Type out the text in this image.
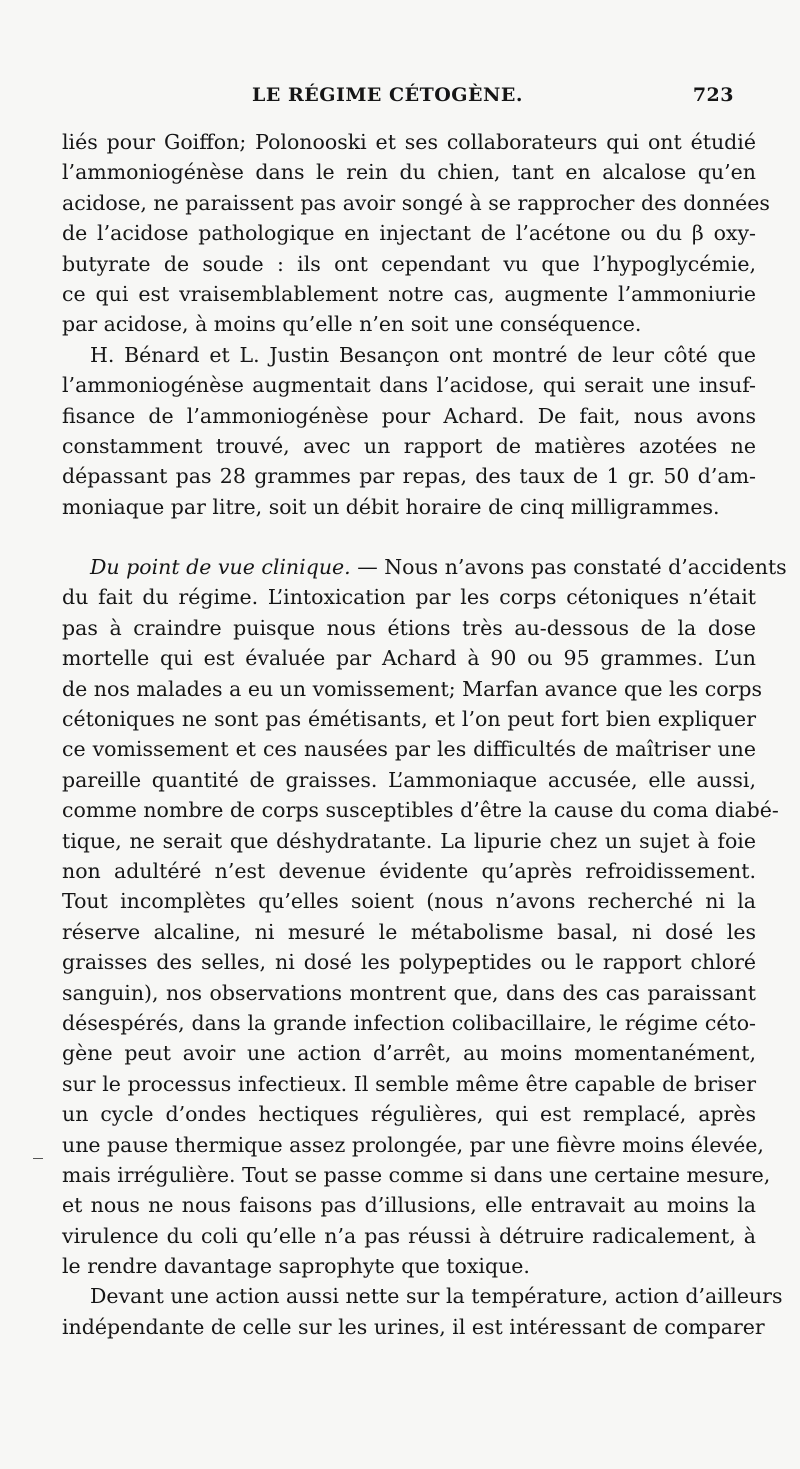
LE RÉGIME CÉTOGÈNE.	723
liés pour Goiffon; Polonooski et ses collaborateurs qui ont étudié
l’ammoniogénèse dans le rein du chien, tant en alcalose qu’en
acidose, ne paraissent pas avoir songé à se rapprocher des données
de l’acidose pathologique en injectant de l’acétone ou du β oxy-
butyrate de soude : ils ont cependant vu que l’hypoglycémie,
ce qui est vraisemblablement notre cas, augmente l’ammoniurie
par acidose, à moins qu’elle n’en soit une conséquence.
H. Bénard et L. Justin Besançon ont montré de leur côté que
l’ammoniogénèse augmentait dans l’acidose, qui serait une insuf-
fisance de l’ammoniogénèse pour Achard. De fait, nous avons
constamment trouvé, avec un rapport de matières azotées ne
dépassant pas 28 grammes par repas, des taux de 1 gr. 50 d’am-
moniaque par litre, soit un débit horaire de cinq milligrammes.
Du point de vue clinique. — Nous n’avons pas constaté d’accidents
du fait du régime. L’intoxication par les corps cétoniques n’était
pas à craindre puisque nous étions très au-dessous de la dose
mortelle qui est évaluée par Achard à 90 ou 95 grammes. L’un
de nos malades a eu un vomissement; Marfan avance que les corps
cétoniques ne sont pas émétisants, et l’on peut fort bien expliquer
ce vomissement et ces nausées par les difficultés de maîtriser une
pareille quantité de graisses. L’ammoniaque accusée, elle aussi,
comme nombre de corps susceptibles d’être la cause du coma diabé-
tique, ne serait que déshydratante. La lipurie chez un sujet à foie
non adultéré n’est devenue évidente qu’après refroidissement.
Tout incomplètes qu’elles soient (nous n’avons recherché ni la
réserve alcaline, ni mesuré le métabolisme basal, ni dosé les
graisses des selles, ni dosé les polypeptides ou le rapport chloré
sanguin), nos observations montrent que, dans des cas paraissant
désespérés, dans la grande infection colibacillaire, le régime céto-
gène peut avoir une action d’arrêt, au moins momentanément,
sur le processus infectieux. Il semble même être capable de briser
un cycle d’ondes hectiques régulières, qui est remplacé, après
une pause thermique assez prolongée, par une fièvre moins élevée,
mais irrégulière. Tout se passe comme si dans une certaine mesure,
et nous ne nous faisons pas d’illusions, elle entravait au moins la
virulence du coli qu’elle n’a pas réussi à détruire radicalement, à
le rendre davantage saprophyte que toxique.
Devant une action aussi nette sur la température, action d’ailleurs
indépendante de celle sur les urines, il est intéressant de comparer
